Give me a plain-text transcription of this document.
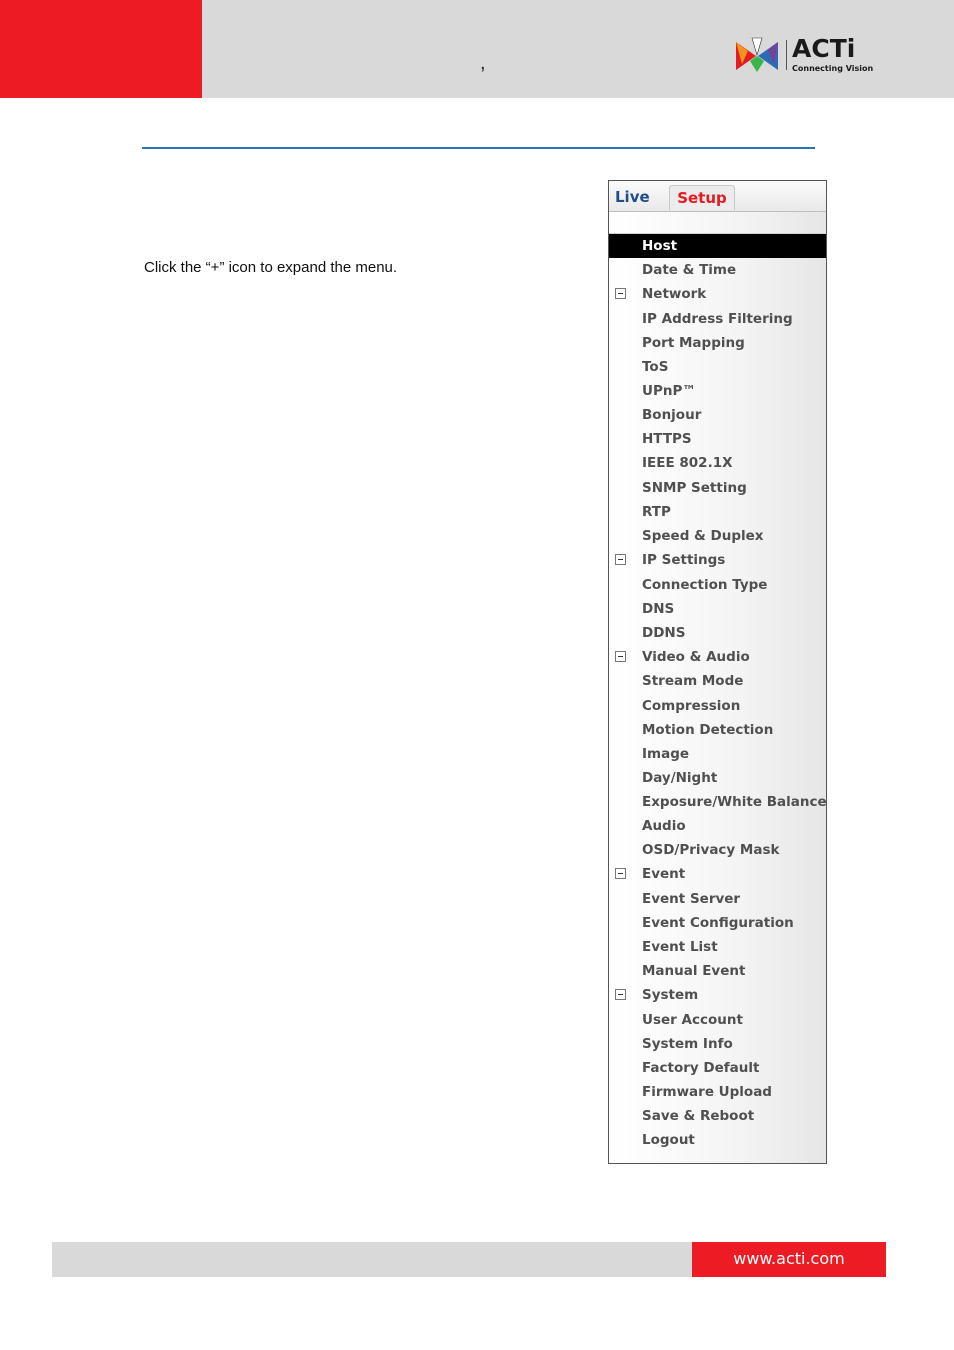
,	ACTi
Connecting Vision
Click the “+” icon to expand the menu.
Live	Setup
Host
Date & Time
Network
IP Address Filtering
Port Mapping
ToS
UPnP™
Bonjour
HTTPS
IEEE 802.1X
SNMP Setting
RTP
Speed & Duplex
IP Settings
Connection Type
DNS
DDNS
Video & Audio
Stream Mode
Compression
Motion Detection
Image
Day/Night
Exposure/White Balance
Audio
OSD/Privacy Mask
Event
Event Server
Event Configuration
Event List
Manual Event
System
User Account
System Info
Factory Default
Firmware Upload
Save & Reboot
Logout
www.acti.com
